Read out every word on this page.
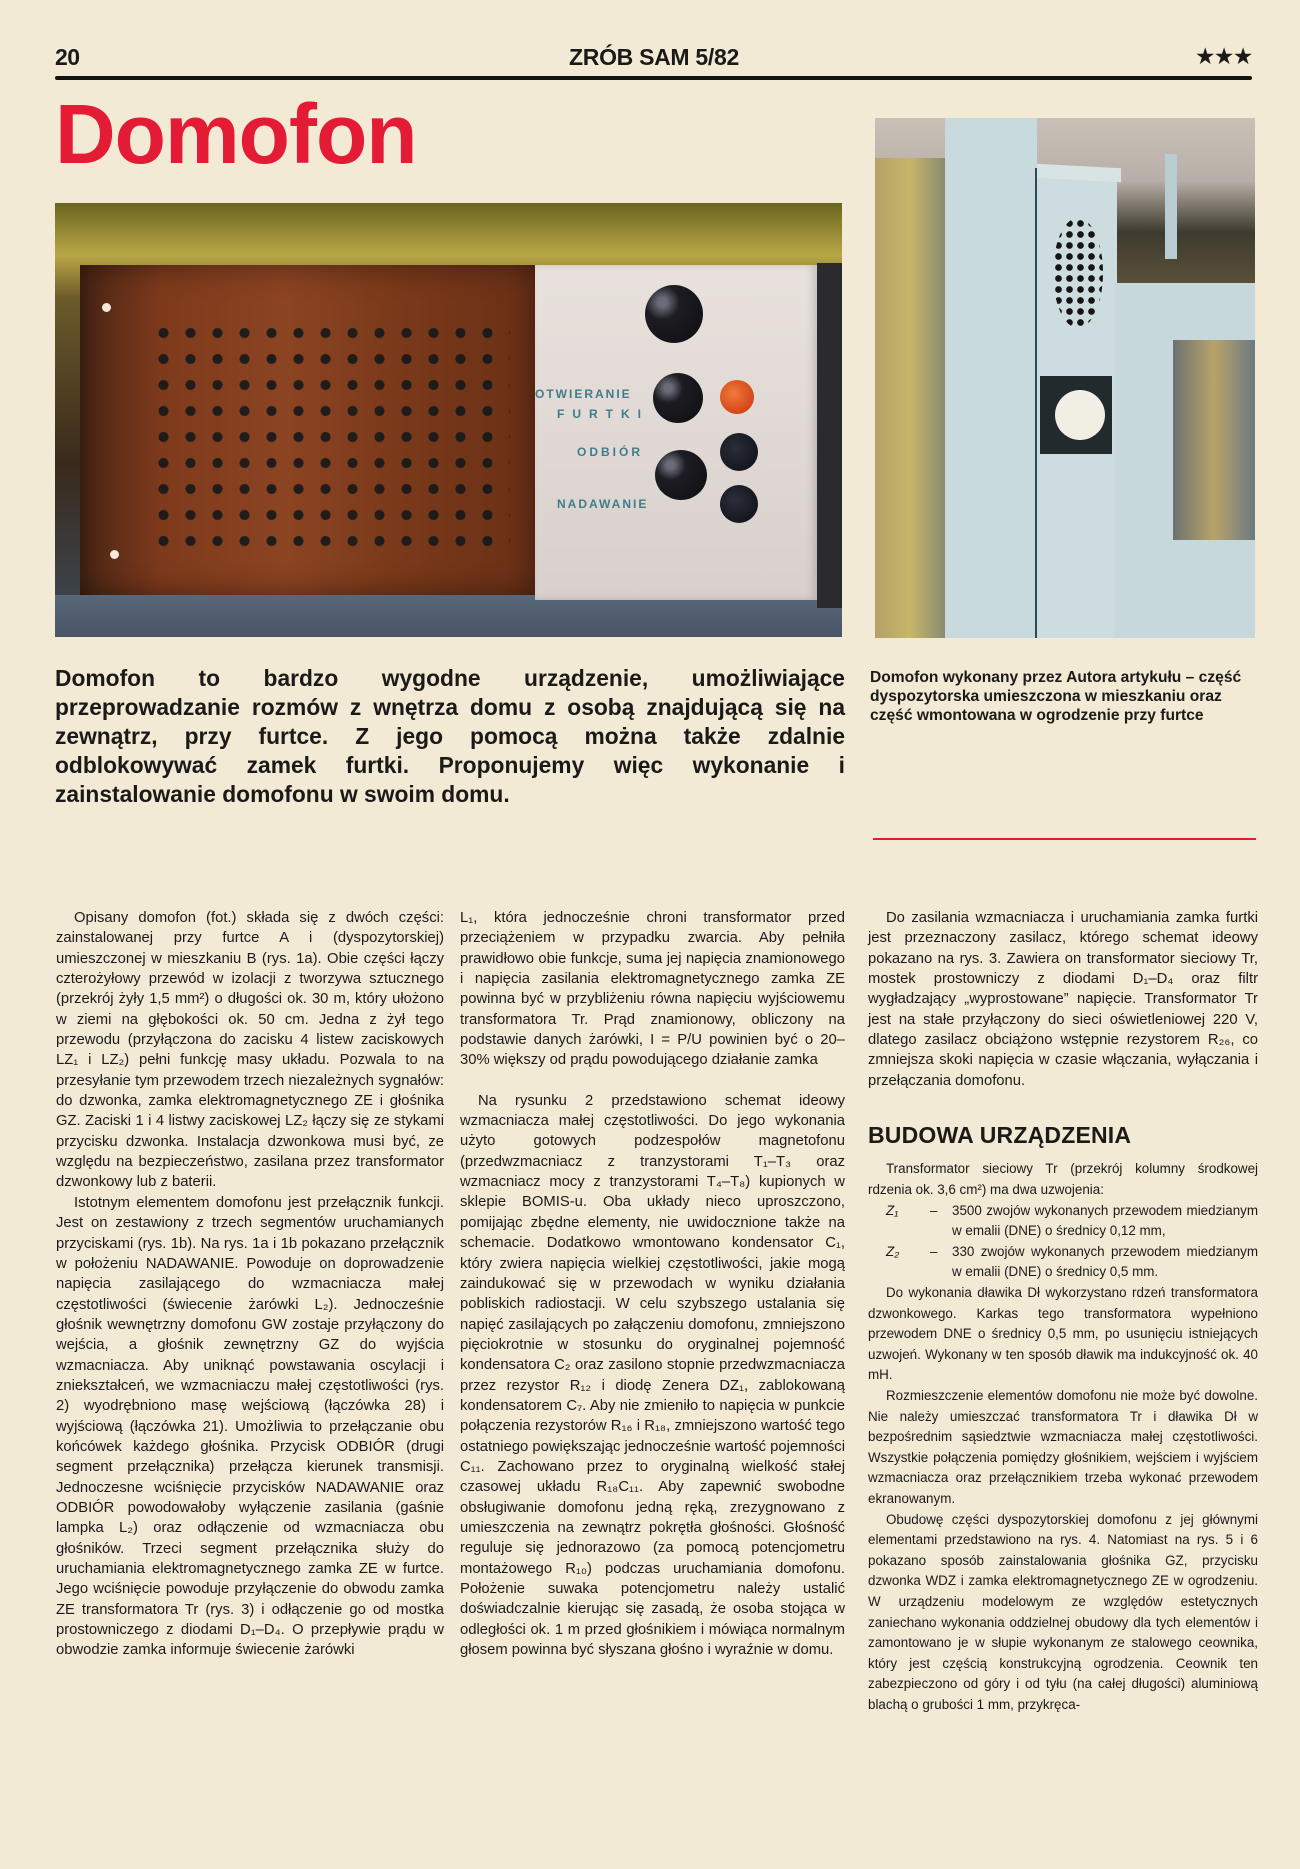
20	ZRÓB SAM 5/82	★★★
Domofon
OTWIERANIE
FURTKI
ODBIÓR
NADAWANIE
Domofon wykonany przez Autora artykułu – część dyspozytorska umieszczona w mieszkaniu oraz część wmontowana w ogrodzenie przy furtce
Domofon to bardzo wygodne urządzenie, umożliwiające przeprowadzanie rozmów z wnętrza domu z osobą znajdującą się na zewnątrz, przy furtce. Z jego pomocą można także zdalnie odblokowywać zamek furtki. Proponujemy więc wykonanie i zainstalowanie domofonu w swoim domu.

Opisany domofon (fot.) składa się z dwóch części: zainstalowanej przy furtce A i (dyspozytorskiej) umieszczonej w mieszkaniu B (rys. 1a). Obie części łączy czterożyłowy przewód w izolacji z tworzywa sztucznego (przekrój żyły 1,5 mm²) o długości ok. 30 m, który ułożono w ziemi na głębokości ok. 50 cm. Jedna z żył tego przewodu (przyłączona do zacisku 4 listew zaciskowych LZ₁ i LZ₂) pełni funkcję masy układu. Pozwala to na przesyłanie tym przewodem trzech niezależnych sygnałów: do dzwonka, zamka elektromagnetycznego ZE i głośnika GZ. Zaciski 1 i 4 listwy zaciskowej LZ₂ łączy się ze stykami przycisku dzwonka. Instalacja dzwonkowa musi być, ze względu na bezpieczeństwo, zasilana przez transformator dzwonkowy lub z baterii.

Istotnym elementem domofonu jest przełącznik funkcji. Jest on zestawiony z trzech segmentów uruchamianych przyciskami (rys. 1b). Na rys. 1a i 1b pokazano przełącznik w położeniu NADAWANIE. Powoduje on doprowadzenie napięcia zasilającego do wzmacniacza małej częstotliwości (świecenie żarówki L₂). Jednocześnie głośnik wewnętrzny domofonu GW zostaje przyłączony do wejścia, a głośnik zewnętrzny GZ do wyjścia wzmacniacza. Aby uniknąć powstawania oscylacji i zniekształceń, we wzmacniaczu małej częstotliwości (rys. 2) wyodrębniono masę wejściową (łączówka 28) i wyjściową (łączówka 21). Umożliwia to przełączanie obu końcówek każdego głośnika. Przycisk ODBIÓR (drugi segment przełącznika) przełącza kierunek transmisji. Jednoczesne wciśnięcie przycisków NADAWANIE oraz ODBIÓR powodowałoby wyłączenie zasilania (gaśnie lampka L₂) oraz odłączenie od wzmacniacza obu głośników. Trzeci segment przełącznika służy do uruchamiania elektromagnetycznego zamka ZE w furtce. Jego wciśnięcie powoduje przyłączenie do obwodu zamka ZE transformatora Tr (rys. 3) i odłączenie go od mostka prostowniczego z diodami D₁–D₄. O przepływie prądu w obwodzie zamka informuje świecenie żarówki

L₁, która jednocześnie chroni transformator przed przeciążeniem w przypadku zwarcia. Aby pełniła prawidłowo obie funkcje, suma jej napięcia znamionowego i napięcia zasilania elektromagnetycznego zamka ZE powinna być w przybliżeniu równa napięciu wyjściowemu transformatora Tr. Prąd znamionowy, obliczony na podstawie danych żarówki, I = P/U powinien być o 20–30% większy od prądu powodującego działanie zamka

Na rysunku 2 przedstawiono schemat ideowy wzmacniacza małej częstotliwości. Do jego wykonania użyto gotowych podzespołów magnetofonu (przedwzmacniacz z tranzystorami T₁–T₃ oraz wzmacniacz mocy z tranzystorami T₄–T₈) kupionych w sklepie BOMIS-u. Oba układy nieco uproszczono, pomijając zbędne elementy, nie uwidocznione także na schemacie. Dodatkowo wmontowano kondensator C₁, który zwiera napięcia wielkiej częstotliwości, jakie mogą zaindukować się w przewodach w wyniku działania pobliskich radiostacji. W celu szybszego ustalania się napięć zasilających po załączeniu domofonu, zmniejszono pięciokrotnie w stosunku do oryginalnej pojemność kondensatora C₂ oraz zasilono stopnie przedwzmacniacza przez rezystor R₁₂ i diodę Zenera DZ₁, zablokowaną kondensatorem C₇. Aby nie zmieniło to napięcia w punkcie połączenia rezystorów R₁₆ i R₁₈, zmniejszono wartość tego ostatniego powiększając jednocześnie wartość pojemności C₁₁. Zachowano przez to oryginalną wielkość stałej czasowej układu R₁₈C₁₁. Aby zapewnić swobodne obsługiwanie domofonu jedną ręką, zrezygnowano z umieszczenia na zewnątrz pokrętła głośności. Głośność reguluje się jednorazowo (za pomocą potencjometru montażowego R₁₀) podczas uruchamiania domofonu. Położenie suwaka potencjometru należy ustalić doświadczalnie kierując się zasadą, że osoba stojąca w odległości ok. 1 m przed głośnikiem i mówiąca normalnym głosem powinna być słyszana głośno i wyraźnie w domu.

Do zasilania wzmacniacza i uruchamiania zamka furtki jest przeznaczony zasilacz, którego schemat ideowy pokazano na rys. 3. Zawiera on transformator sieciowy Tr, mostek prostowniczy z diodami D₁–D₄ oraz filtr wygładzający „wyprostowane” napięcie. Transformator Tr jest na stałe przyłączony do sieci oświetleniowej 220 V, dlatego zasilacz obciążono wstępnie rezystorem R₂₆, co zmniejsza skoki napięcia w czasie włączania, wyłączania i przełączania domofonu.

BUDOWA URZĄDZENIA

Transformator sieciowy Tr (przekrój kolumny środkowej rdzenia ok. 3,6 cm²) ma dwa uzwojenia:

Z₁	–	3500 zwojów wykonanych przewodem miedzianym w emalii (DNE) o średnicy 0,12 mm,
Z₂	–	330 zwojów wykonanych przewodem miedzianym w emalii (DNE) o średnicy 0,5 mm.

Do wykonania dławika Dł wykorzystano rdzeń transformatora dzwonkowego. Karkas tego transformatora wypełniono przewodem DNE o średnicy 0,5 mm, po usunięciu istniejących uzwojeń. Wykonany w ten sposób dławik ma indukcyjność ok. 40 mH.

Rozmieszczenie elementów domofonu nie może być dowolne. Nie należy umieszczać transformatora Tr i dławika Dł w bezpośrednim sąsiedztwie wzmacniacza małej częstotliwości. Wszystkie połączenia pomiędzy głośnikiem, wejściem i wyjściem wzmacniacza oraz przełącznikiem trzeba wykonać przewodem ekranowanym.

Obudowę części dyspozytorskiej domofonu z jej głównymi elementami przedstawiono na rys. 4. Natomiast na rys. 5 i 6 pokazano sposób zainstalowania głośnika GZ, przycisku dzwonka WDZ i zamka elektromagnetycznego ZE w ogrodzeniu. W urządzeniu modelowym ze względów estetycznych zaniechano wykonania oddzielnej obudowy dla tych elementów i zamontowano je w słupie wykonanym ze stalowego ceownika, który jest częścią konstrukcyjną ogrodzenia. Ceownik ten zabezpieczono od góry i od tyłu (na całej długości) aluminiową blachą o grubości 1 mm, przykręca-
